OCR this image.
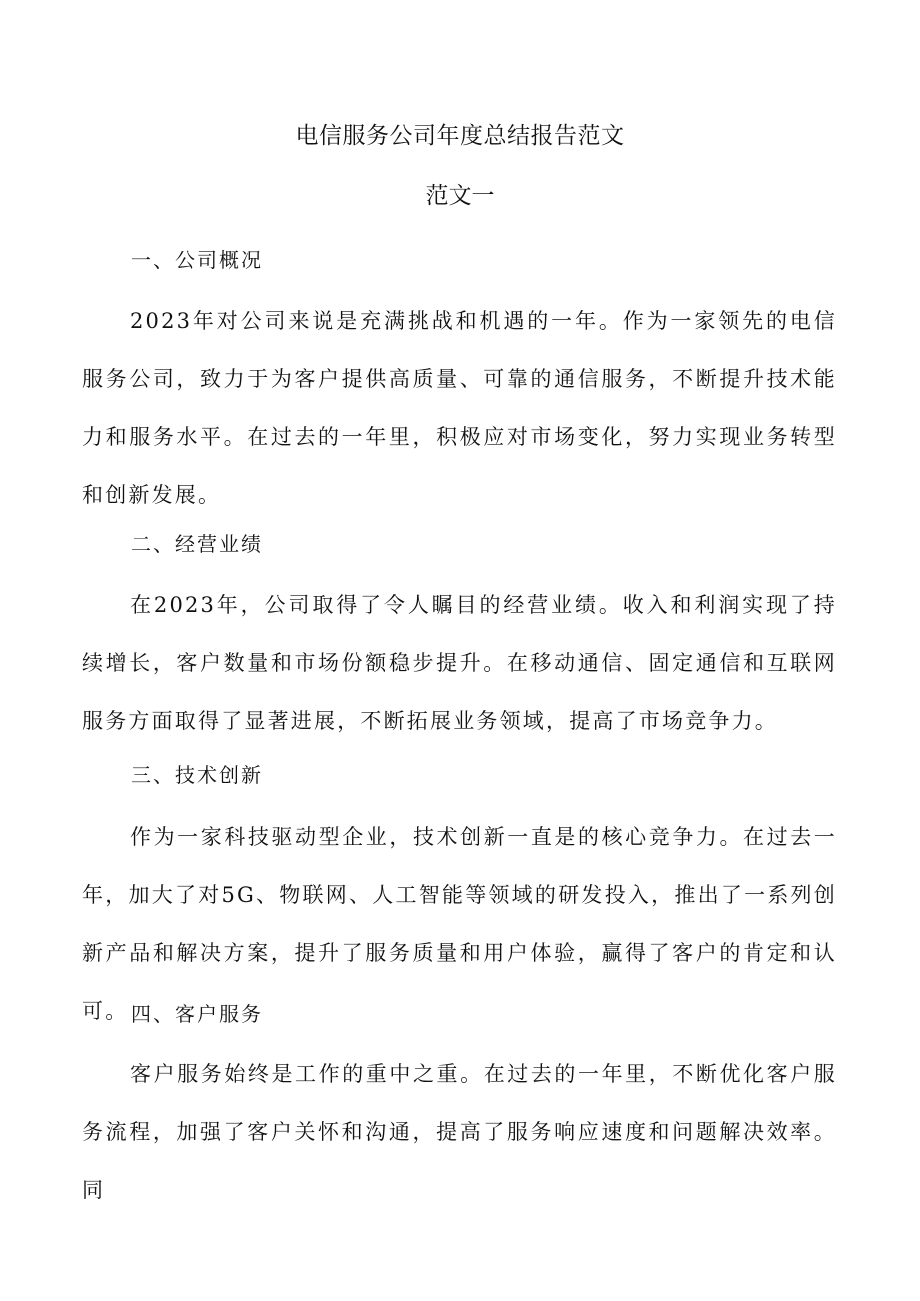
电信服务公司年度总结报告范文
范文一
一、公司概况
2023年对公司来说是充满挑战和机遇的一年。作为一家领先的电信服务公司，致力于为客户提供高质量、可靠的通信服务，不断提升技术能力和服务水平。在过去的一年里，积极应对市场变化，努力实现业务转型和创新发展。
二、经营业绩
在2023年，公司取得了令人瞩目的经营业绩。收入和利润实现了持续增长，客户数量和市场份额稳步提升。在移动通信、固定通信和互联网服务方面取得了显著进展，不断拓展业务领域，提高了市场竞争力。
三、技术创新
作为一家科技驱动型企业，技术创新一直是的核心竞争力。在过去一年，加大了对5G、物联网、人工智能等领域的研发投入，推出了一系列创新产品和解决方案，提升了服务质量和用户体验，赢得了客户的肯定和认可。 四、客户服务
客户服务始终是工作的重中之重。在过去的一年里，不断优化客户服务流程，加强了客户关怀和沟通，提高了服务响应速度和问题解决效率。同
